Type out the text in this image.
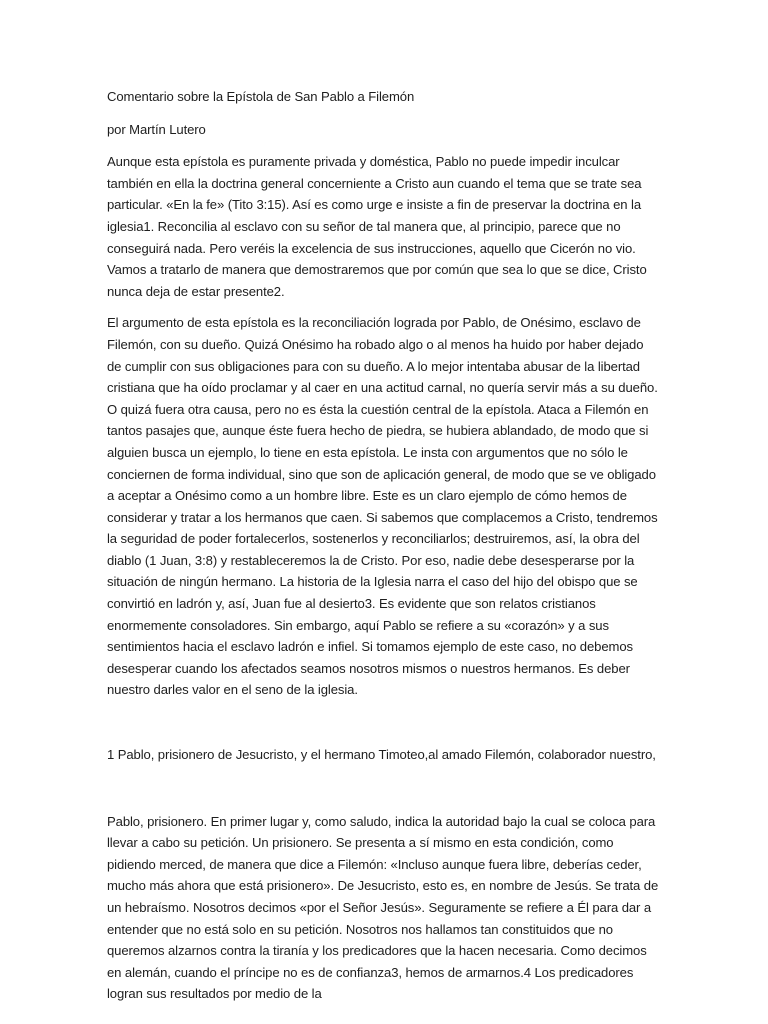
Comentario sobre la Epístola de San Pablo a Filemón

por Martín Lutero

Aunque esta epístola es puramente privada y doméstica, Pablo no puede impedir inculcar también en ella la doctrina general concerniente a Cristo aun cuando el tema que se trate sea particular. «En la fe» (Tito 3:15). Así es como urge e insiste a fin de preservar la doctrina en la iglesia1. Reconcilia al esclavo con su señor de tal manera que, al principio, parece que no conseguirá nada. Pero veréis la excelencia de sus instrucciones, aquello que Cicerón no vio. Vamos a tratarlo de manera que demostraremos que por común que sea lo que se dice, Cristo nunca deja de estar presente2.

El argumento de esta epístola es la reconciliación lograda por Pablo, de Onésimo, esclavo de Filemón, con su dueño. Quizá Onésimo ha robado algo o al menos ha huido por haber dejado de cumplir con sus obligaciones para con su dueño. A lo mejor intentaba abusar de la libertad cristiana que ha oído proclamar y al caer en una actitud carnal, no quería servir más a su dueño. O quizá fuera otra causa, pero no es ésta la cuestión central de la epístola. Ataca a Filemón en tantos pasajes que, aunque éste fuera hecho de piedra, se hubiera ablandado, de modo que si alguien busca un ejemplo, lo tiene en esta epístola. Le insta con argumentos que no sólo le conciernen de forma individual, sino que son de aplicación general, de modo que se ve obligado a aceptar a Onésimo como a un hombre libre. Este es un claro ejemplo de cómo hemos de considerar y tratar a los hermanos que caen. Si sabemos que complacemos a Cristo, tendremos la seguridad de poder fortalecerlos, sostenerlos y reconciliarlos; destruiremos, así, la obra del diablo (1 Juan, 3:8) y restableceremos la de Cristo. Por eso, nadie debe desesperarse por la situación de ningún hermano. La historia de la Iglesia narra el caso del hijo del obispo que se convirtió en ladrón y, así, Juan fue al desierto3. Es evidente que son relatos cristianos enormemente consoladores. Sin embargo, aquí Pablo se refiere a su «corazón» y a sus sentimientos hacia el esclavo ladrón e infiel. Si tomamos ejemplo de este caso, no debemos desesperar cuando los afectados seamos nosotros mismos o nuestros hermanos. Es deber nuestro darles valor en el seno de la iglesia.

1 Pablo, prisionero de Jesucristo, y el hermano Timoteo,al amado Filemón, colaborador nuestro,

Pablo, prisionero. En primer lugar y, como saludo, indica la autoridad bajo la cual se coloca para llevar a cabo su petición. Un prisionero. Se presenta a sí mismo en esta condición, como pidiendo merced, de manera que dice a Filemón: «Incluso aunque fuera libre, deberías ceder, mucho más ahora que está prisionero». De Jesucristo, esto es, en nombre de Jesús. Se trata de un hebraísmo. Nosotros decimos «por el Señor Jesús». Seguramente se refiere a Él para dar a entender que no está solo en su petición. Nosotros nos hallamos tan constituidos que no queremos alzarnos contra la tiranía y los predicadores que la hacen necesaria. Como decimos en alemán, cuando el príncipe no es de confianza3, hemos de armarnos.4 Los predicadores logran sus resultados por medio de la
